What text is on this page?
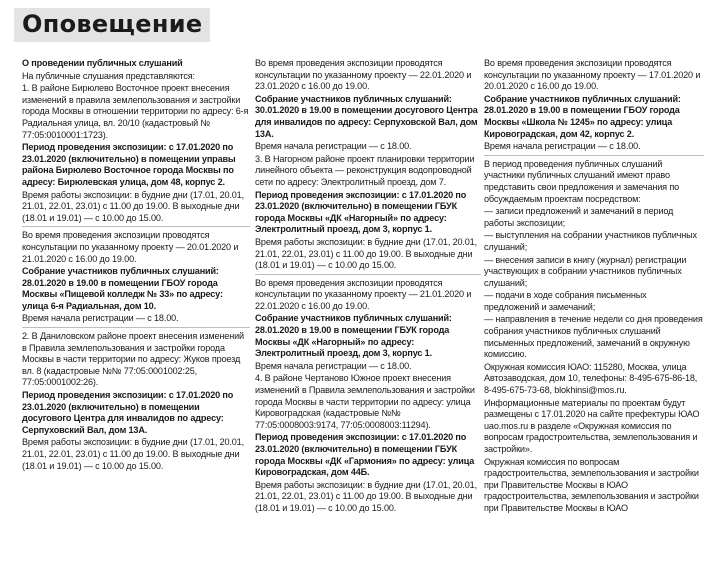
Оповещение

О проведении публичных слушаний

На публичные слушания представляются:

1. В районе Бирюлево Восточное проект внесения изменений в правила землепользования и застройки города Москвы в отношении территории по адресу: 6-я Радиальная улица, вл. 20/10 (кадастровый № 77:05:0010001:1723).

Период проведения экспозиции: с 17.01.2020 по 23.01.2020 (включительно) в помещении управы района Бирюлево Восточное города Москвы по адресу: Бирюлевская улица, дом 48, корпус 2.

Время работы экспозиции: в будние дни (17.01, 20.01, 21.01, 22.01, 23.01) с 11.00 до 19.00. В выходные дни (18.01 и 19.01) — с 10.00 до 15.00.

Во время проведения экспозиции проводятся консультации по указанному проекту — 20.01.2020 и 21.01.2020 с 16.00 до 19.00.

Собрание участников публичных слушаний: 28.01.2020 в 19.00 в помещении ГБОУ города Москвы «Пищевой колледж № 33» по адресу: улица 6-я Радиальная, дом 10.

Время начала регистрации — с 18.00.

2. В Даниловском районе проект внесения изменений в Правила землепользования и застройки города Москвы в части территории по адресу: Жуков проезд вл. 8 (кадастровые №№ 77:05:0001002:25, 77:05:0001002:26).

Период проведения экспозиции: с 17.01.2020 по 23.01.2020 (включительно) в помещении досугового Центра для инвалидов по адресу: Серпуховский Вал, дом 13А.

Время работы экспозиции: в будние дни (17.01, 20.01, 21.01, 22.01, 23.01) с 11.00 до 19.00. В выходные дни (18.01 и 19.01) — с 10.00 до 15.00.

Во время проведения экспозиции проводятся консультации по указанному проекту — 22.01.2020 и 23.01.2020 с 16.00 до 19.00.

Собрание участников публичных слушаний: 30.01.2020 в 19.00 в помещении досугового Центра для инвалидов по адресу: Серпуховской Вал, дом 13А.

Время начала регистрации — с 18.00.

3. В Нагорном районе проект планировки территории линейного объекта — реконструкция водопроводной сети по адресу: Электролитный проезд, дом 7.

Период проведения экспозиции: с 17.01.2020 по 23.01.2020 (включительно) в помещении ГБУК города Москвы «ДК «Нагорный» по адресу: Электролитный проезд, дом 3, корпус 1.

Время работы экспозиции: в будние дни (17.01, 20.01, 21.01, 22.01, 23.01) с 11.00 до 19.00. В выходные дни (18.01 и 19.01) — с 10.00 до 15.00.

Во время проведения экспозиции проводятся консультации по указанному проекту — 21.01.2020 и 22.01.2020 с 16.00 до 19.00.

Собрание участников публичных слушаний: 28.01.2020 в 19.00 в помещении ГБУК города Москвы «ДК «Нагорный» по адресу: Электролитный проезд, дом 3, корпус 1.

Время начала регистрации — с 18.00.

4. В районе Чертаново Южное проект внесения изменений в Правила землепользования и застройки города Москвы в части территории по адресу: улица Кировоградская (кадастровые №№ 77:05:0008003:9174, 77:05:0008003:11294).

Период проведения экспозиции: с 17.01.2020 по 23.01.2020 (включительно) в помещении ГБУК города Москвы «ДК «Гармония» по адресу: улица Кировоградская, дом 44Б.

Время работы экспозиции: в будние дни (17.01, 20.01, 21.01, 22.01, 23.01) с 11.00 до 19.00. В выходные дни (18.01 и 19.01) — с 10.00 до 15.00.

Во время проведения экспозиции проводятся консультации по указанному проекту — 17.01.2020 и 20.01.2020 с 16.00 до 19.00.

Собрание участников публичных слушаний: 28.01.2020 в 19.00 в помещении ГБОУ города Москвы «Школа № 1245» по адресу: улица Кировоградская, дом 42, корпус 2.

Время начала регистрации — с 18.00.

В период проведения публичных слушаний участники публичных слушаний имеют право представить свои предложения и замечания по обсуждаемым проектам посредством:

— записи предложений и замечаний в период работы экспозиции;

— выступления на собрании участников публичных слушаний;

— внесения записи в книгу (журнал) регистрации участвующих в собрании участников публичных слушаний;

— подачи в ходе собрания письменных предложений и замечаний;

— направления в течение недели со дня проведения собрания участников публичных слушаний письменных предложений, замечаний в окружную комиссию.

Окружная комиссия ЮАО: 115280, Москва, улица Автозаводская, дом 10, телефоны: 8-495-675-86-18, 8-495-675-73-68, blokhinsi@mos.ru.

Информационные материалы по проектам будут размещены с 17.01.2020 на сайте префектуры ЮАО uao.mos.ru в разделе «Окружная комиссия по вопросам градостроительства, землепользования и застройки».

Окружная комиссия по вопросам градостроительства, землепользования и застройки при Правительстве Москвы в ЮАО градостроительства, землепользования и застройки при Правительстве Москвы в ЮАО
